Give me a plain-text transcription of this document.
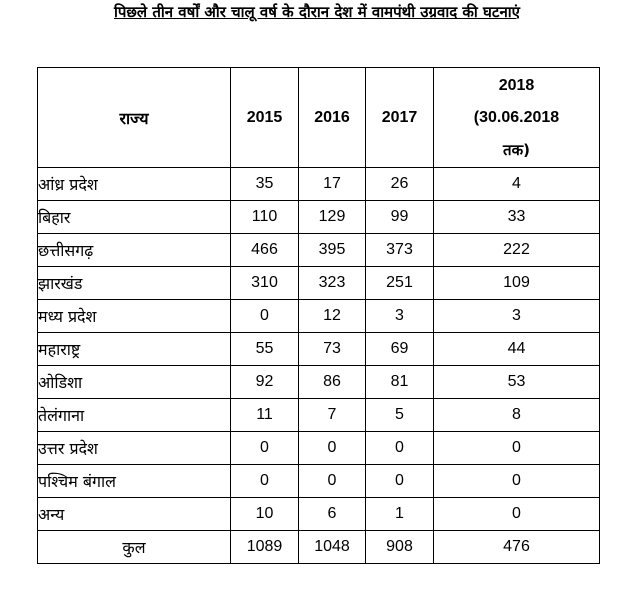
पिछले तीन वर्षों और चालू वर्ष के दौरान देश में वामपंथी उग्रवाद की घटनाएं
राज्य	2015	2016	2017	2018
(30.06.2018
तक)

आंध्र प्रदेश	35	17	26	4
बिहार	110	129	99	33
छत्तीसगढ़	466	395	373	222
झारखंड	310	323	251	109
मध्य प्रदेश	0	12	3	3
महाराष्ट्र	55	73	69	44
ओडिशा	92	86	81	53
तेलंगाना	11	7	5	8
उत्तर प्रदेश	0	0	0	0
पश्चिम बंगाल	0	0	0	0
अन्य	10	6	1	0
कुल	1089	1048	908	476
